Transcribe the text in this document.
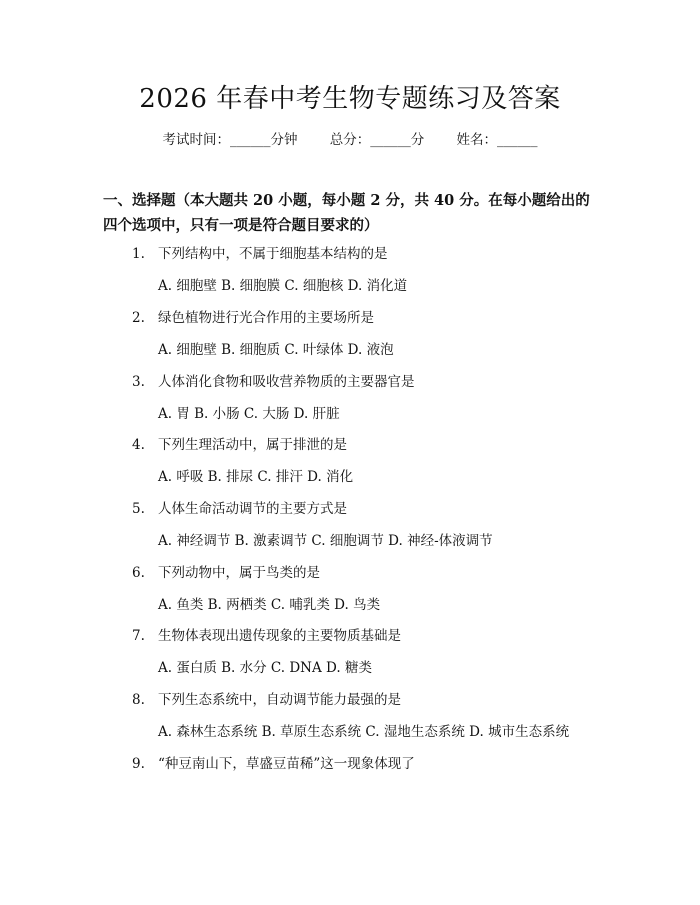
2026 年春中考生物专题练习及答案
考试时间：______分钟 总分：______分 姓名：______
一、选择题（本大题共 20 小题，每小题 2 分，共 40 分。在每小题给出的四个选项中，只有一项是符合题目要求的）
1. 下列结构中，不属于细胞基本结构的是
A. 细胞壁 B. 细胞膜 C. 细胞核 D. 消化道
2. 绿色植物进行光合作用的主要场所是
A. 细胞壁 B. 细胞质 C. 叶绿体 D. 液泡
3. 人体消化食物和吸收营养物质的主要器官是
A. 胃 B. 小肠 C. 大肠 D. 肝脏
4. 下列生理活动中，属于排泄的是
A. 呼吸 B. 排尿 C. 排汗 D. 消化
5. 人体生命活动调节的主要方式是
A. 神经调节 B. 激素调节 C. 细胞调节 D. 神经-体液调节
6. 下列动物中，属于鸟类的是
A. 鱼类 B. 两栖类 C. 哺乳类 D. 鸟类
7. 生物体表现出遗传现象的主要物质基础是
A. 蛋白质 B. 水分 C. DNA D. 糖类
8. 下列生态系统中，自动调节能力最强的是
A. 森林生态系统 B. 草原生态系统 C. 湿地生态系统 D. 城市生态系统
9. “种豆南山下，草盛豆苗稀”这一现象体现了
